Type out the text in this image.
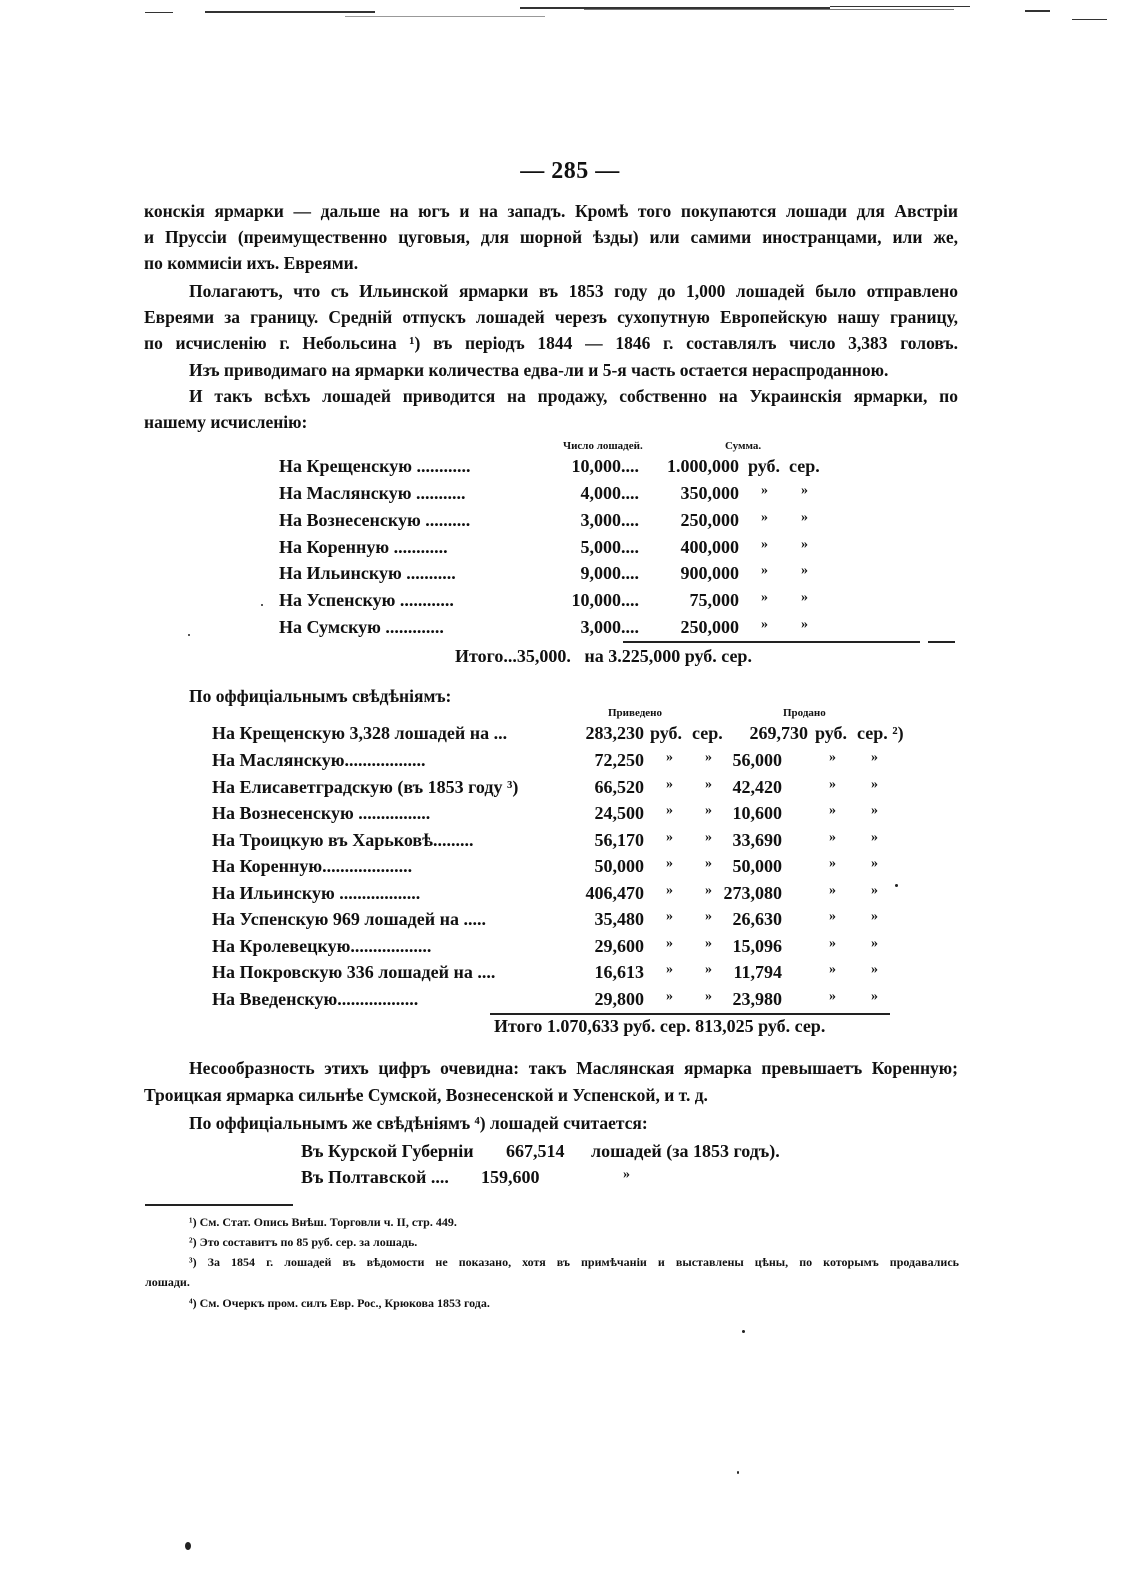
— 285 —
конскія ярмарки — дальше на югъ и на западъ. Кромѣ того покупаются лошади для Австріи
и Пруссіи (преимущественно цуговыя, для шорной ѣзды) или самими иностранцами, или же,
по коммисіи ихъ. Евреями.
Полагаютъ, что съ Ильинской ярмарки въ 1853 году до 1,000 лошадей было отправлено
Евреями за границу. Средній отпускъ лошадей черезъ сухопутную Европейскую нашу границу,
по исчисленію г. Небольсина ¹) въ періодъ 1844 — 1846 г. составлялъ число 3,383 головъ.
Изъ приводимаго на ярмарки количества едва-ли и 5-я часть остается нераспроданною.
И такъ всѣхъ лошадей приводится на продажу, собственно на Украинскія ярмарки, по
нашему исчисленію:
Число лошадей.	Сумма.
На Крещенскую ............	10,000.... 1.000,000 руб. сер.
На Маслянскую ...........	4,000.... 350,000 » »
На Вознесенскую ..........	3,000.... 250,000 » »
На Коренную ............	5,000.... 400,000 » »
На Ильинскую ...........	9,000.... 900,000 » »
На Успенскую ............	10,000....	75,000 » »
На Сумскую .............	3,000.... 250,000 » »
Итого...35,000.   на 3.225,000 руб. сер.
По оффиціальнымъ свѣдѣніямъ:
Приведено	Продано
На Крещенскую 3,328 лошадей на ...	283,230 руб. сер. 269,730 руб. сер. ²)
На Маслянскую..................	72,250 » » 56,000	»	»
На Елисаветградскую (въ 1853 году ³)	66,520 » » 42,420	»	»
На Вознесенскую ................	24,500 » » 10,600	»	»
На Троицкую въ Харьковѣ.........	56,170 » » 33,690	»	»
На Коренную....................	50,000 » » 50,000	»	»
На Ильинскую ..................	406,470 » » 273,080	»	»
На Успенскую 969 лошадей на .....	35,480 » » 26,630	»	»
На Кролевецкую..................	29,600 » » 15,096	»	»
На Покровскую 336 лошадей на ....	16,613 » » 11,794	»	»
На Введенскую..................	29,800 » » 23,980	»	»
Итого 1.070,633 руб. сер. 813,025 руб. сер.
Несообразность этихъ цифръ очевидна: такъ Маслянская ярмарка превышаетъ Коренную;
Троицкая ярмарка сильнѣе Сумской, Вознесенской и Успенской, и т. д.
По оффиціальнымъ же свѣдѣніямъ ⁴) лошадей считается:
Въ Курской Губерніи 667,514 лошадей (за 1853 годъ).
Въ Полтавской .... 159,600	»
¹) См. Стат. Опись Внѣш. Торговли ч. II, стр. 449.
²) Это составитъ по 85 руб. сер. за лошадь.
³) За 1854 г. лошадей въ вѣдомости не показано, хотя въ примѣчаніи и выставлены цѣны, по которымъ продавались
лошади.
⁴) См. Очеркъ пром. силъ Евр. Рос., Крюкова 1853 года.
